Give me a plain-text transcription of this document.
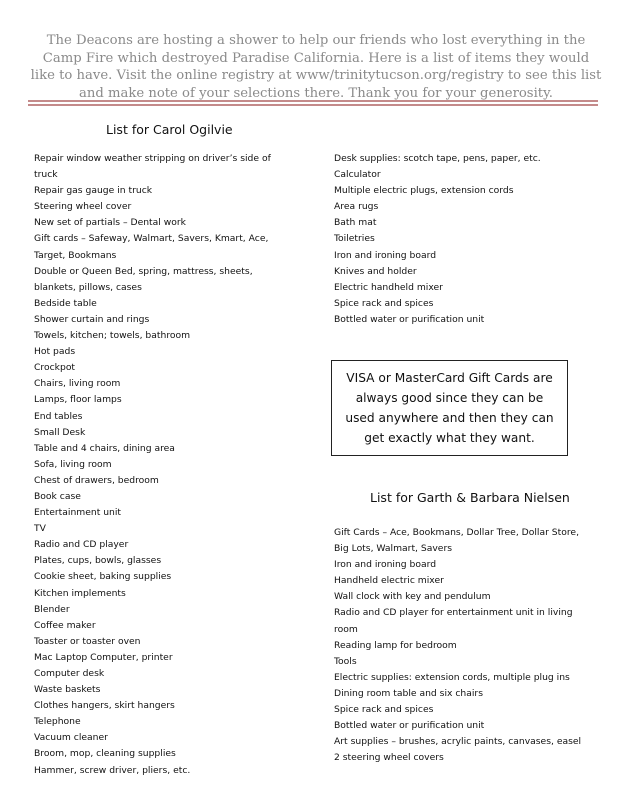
The Deacons are hosting a shower to help our friends who lost everything in the Camp Fire which destroyed Paradise California. Here is a list of items they would like to have. Visit the online registry at www/trinitytucson.org/registry to see this list and make note of your selections there. Thank you for your generosity.
List for Carol Ogilvie
Repair window weather stripping on driver’s side of
truck
Repair gas gauge in truck
Steering wheel cover
New set of partials – Dental work
Gift cards – Safeway, Walmart, Savers, Kmart, Ace,
Target, Bookmans
Double or Queen Bed, spring, mattress, sheets,
blankets, pillows, cases
Bedside table
Shower curtain and rings
Towels, kitchen; towels, bathroom
Hot pads
Crockpot
Chairs, living room
Lamps, floor lamps
End tables
Small Desk
Table and 4 chairs, dining area
Sofa, living room
Chest of drawers, bedroom
Book case
Entertainment unit
TV
Radio and CD player
Plates, cups, bowls, glasses
Cookie sheet, baking supplies
Kitchen implements
Blender
Coffee maker
Toaster or toaster oven
Mac Laptop Computer, printer
Computer desk
Waste baskets
Clothes hangers, skirt hangers
Telephone
Vacuum cleaner
Broom, mop, cleaning supplies
Hammer, screw driver, pliers, etc.
Desk supplies: scotch tape, pens, paper, etc.
Calculator
Multiple electric plugs, extension cords
Area rugs
Bath mat
Toiletries
Iron and ironing board
Knives and holder
Electric handheld mixer
Spice rack and spices
Bottled water or purification unit
VISA or MasterCard Gift Cards are always good since they can be used anywhere and then they can get exactly what they want.
List for Garth & Barbara Nielsen
Gift Cards – Ace, Bookmans, Dollar Tree, Dollar Store,
Big Lots, Walmart, Savers
Iron and ironing board
Handheld electric mixer
Wall clock with key and pendulum
Radio and CD player for entertainment unit in living
room
Reading lamp for bedroom
Tools
Electric supplies: extension cords, multiple plug ins
Dining room table and six chairs
Spice rack and spices
Bottled water or purification unit
Art supplies – brushes, acrylic paints, canvases, easel
2 steering wheel covers
